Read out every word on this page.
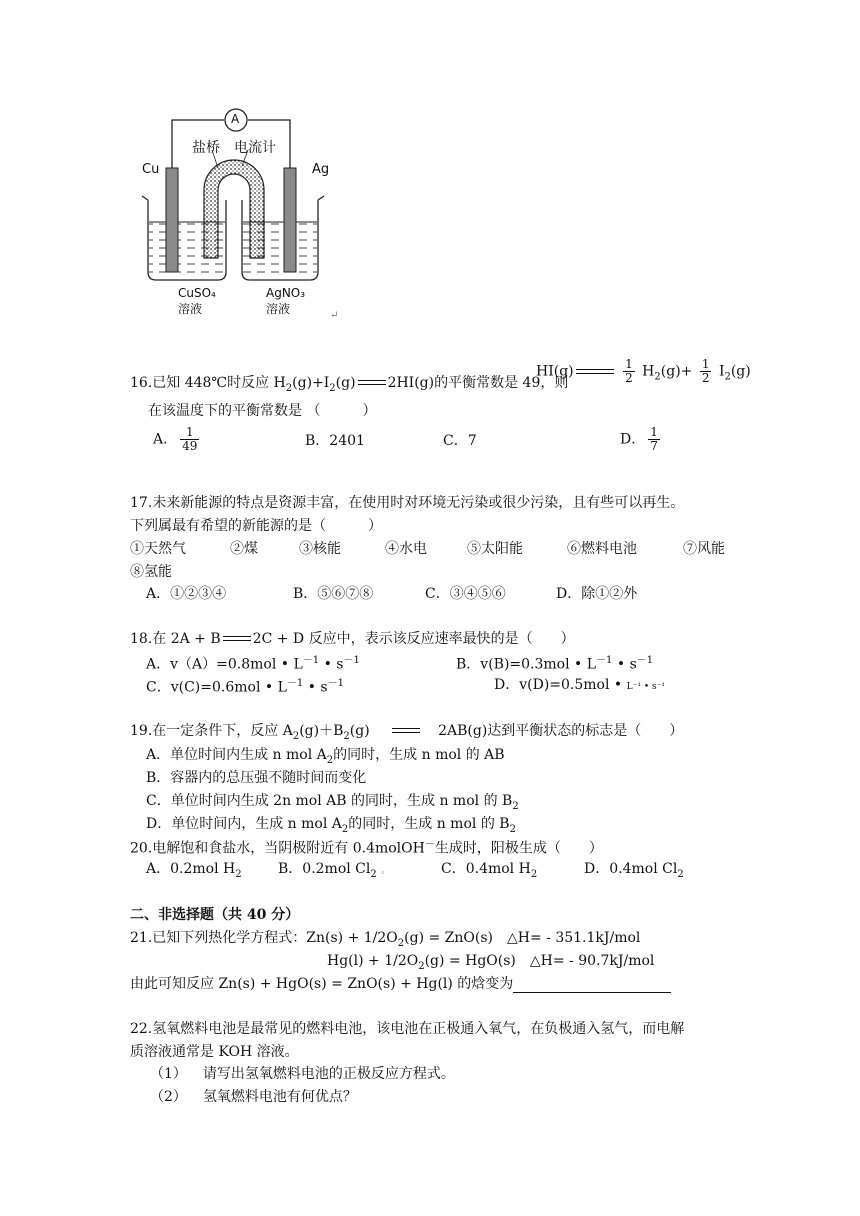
A
盐桥 电流计
Cu	Ag
CuSO₄
溶液
AgNO₃
溶液	↵
16.已知 448℃时反应 $H_2(g)+I_2(g)$ 2HI(g)的平衡常数是 49，则
HI(g)	$\frac{1}{2} H_2(g)+ \frac{1}{2} I_2(g)$
在该温度下的平衡常数是 （　　　）
A． $\frac{1}{49}$	B．2401	C．7	D． $\frac{1}{7}$
17.未来新能源的特点是资源丰富，在使用时对环境无污染或很少污染，且有些可以再生。
下列属最有希望的新能源的是（　　　）
①天然气	②煤	③核能	④水电	⑤太阳能	⑥燃料电池	⑦风能
⑧氢能
A．①②③④	B．⑤⑥⑦⑧	C．③④⑤⑥	D．除①②外
18.在 2A + B 2C + D 反应中，表示该反应速率最快的是（　　）
A．v（A）=0.8mol • $L^{-1}$ • $s^{-1}$	B．v(B)=0.3mol • $L^{-1}$ • $s^{-1}$
C．v(C)=0.6mol • $L^{-1}$ • $s^{-1}$	D．v(D)=0.5mol • L⁻¹ • s⁻¹
19.在一定条件下，反应 $A_2(g)+B_2(g)$	2AB(g)达到平衡状态的标志是（　　）
A．单位时间内生成 n mol $A_2$的同时，生成 n mol 的 AB
B．容器内的总压强不随时间而变化
C．单位时间内生成 2n mol AB 的同时，生成 n mol 的 $B_2$
D．单位时间内，生成 n mol $A_2$的同时，生成 n mol 的 $B_2$
20.电解饱和食盐水，当阴极附近有 0.4molOH－生成时，阳极生成（　　）
A．0.2mol $H_2$	B．0.2mol $Cl_2$ 。	C．0.4mol $H_2$	D．0.4mol $Cl_2$
二、非选择题（共 40 分）
21.已知下列热化学方程式：$Zn(s) + 1/2O_2(g) = ZnO(s)$　△H= - 351.1kJ/mol
$Hg(l) + 1/2O_2(g) = HgO(s)$　△H= - 90.7kJ/mol
由此可知反应 Zn(s) + HgO(s) = ZnO(s) + Hg(l) 的焓变为
22.氢氧燃料电池是最常见的燃料电池，该电池在正极通入氧气，在负极通入氢气，而电解
质溶液通常是 KOH 溶液。
（1） 请写出氢氧燃料电池的正极反应方程式。
（2） 氢氧燃料电池有何优点？
